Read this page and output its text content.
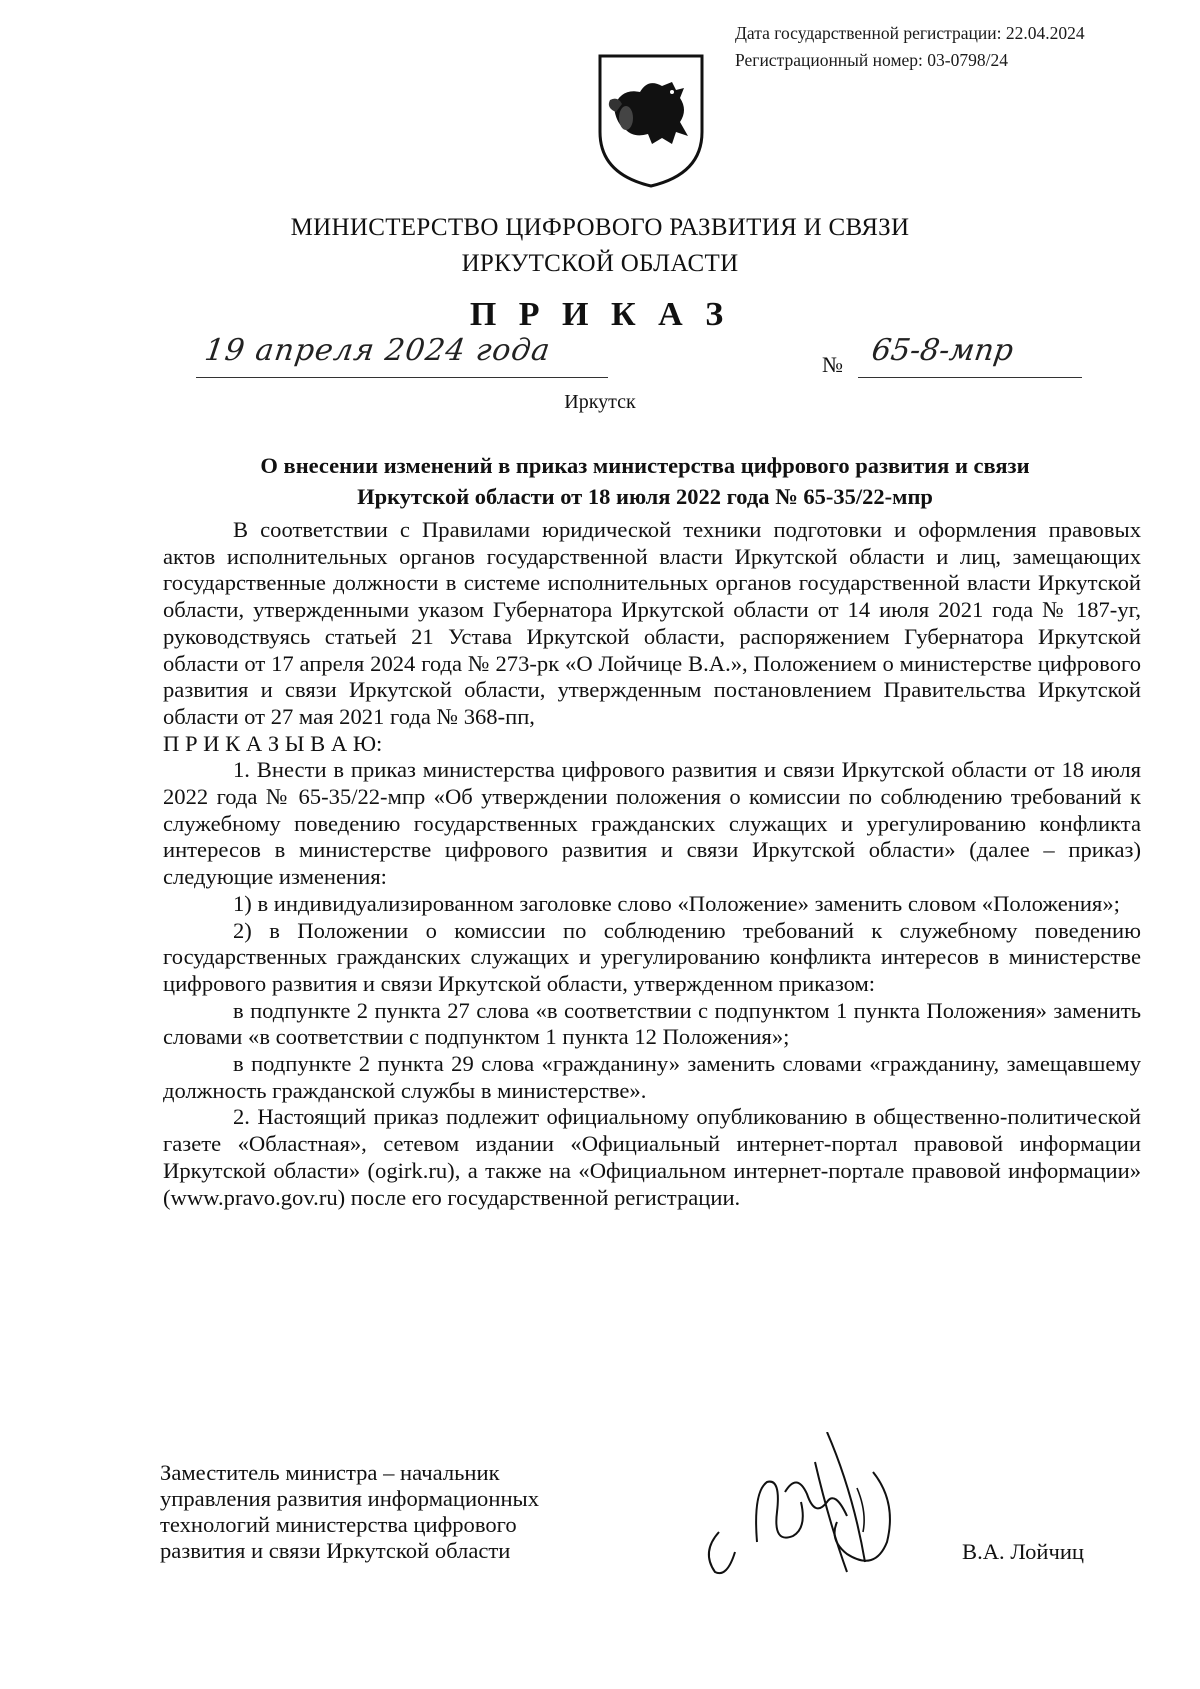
Дата государственной регистрации: 22.04.2024
Регистрационный номер: 03-0798/24
МИНИСТЕРСТВО ЦИФРОВОГО РАЗВИТИЯ И СВЯЗИ
ИРКУТСКОЙ ОБЛАСТИ
П Р И К А З
19 апреля 2024 года	№ 65-8-мпр
Иркутск
О внесении изменений в приказ министерства цифрового развития и связи
Иркутской области от 18 июля 2022 года № 65-35/22-мпр

В соответствии с Правилами юридической техники подготовки и оформления правовых актов исполнительных органов государственной власти Иркутской области и лиц, замещающих государственные должности в системе исполнительных органов государственной власти Иркутской области, утвержденными указом Губернатора Иркутской области от 14 июля 2021 года № 187-уг, руководствуясь статьей 21 Устава Иркутской области, распоряжением Губернатора Иркутской области от 17 апреля 2024 года № 273-рк «О Лойчице В.А.», Положением о министерстве цифрового развития и связи Иркутской области, утвержденным постановлением Правительства Иркутской области от 27 мая 2021 года № 368-пп,

П Р И К А З Ы В А Ю:

1. Внести в приказ министерства цифрового развития и связи Иркутской области от 18 июля 2022 года № 65-35/22-мпр «Об утверждении положения о комиссии по соблюдению требований к служебному поведению государственных гражданских служащих и урегулированию конфликта интересов в министерстве цифрового развития и связи Иркутской области» (далее – приказ) следующие изменения:

1) в индивидуализированном заголовке слово «Положение» заменить словом «Положения»;

2) в Положении о комиссии по соблюдению требований к служебному поведению государственных гражданских служащих и урегулированию конфликта интересов в министерстве цифрового развития и связи Иркутской области, утвержденном приказом:

в подпункте 2 пункта 27 слова «в соответствии с подпунктом 1 пункта Положения» заменить словами «в соответствии с подпунктом 1 пункта 12 Положения»;

в подпункте 2 пункта 29 слова «гражданину» заменить словами «гражданину, замещавшему должность гражданской службы в министерстве».

2. Настоящий приказ подлежит официальному опубликованию в общественно-политической газете «Областная», сетевом издании «Официальный интернет-портал правовой информации Иркутской области» (ogirk.ru), а также на «Официальном интернет-портале правовой информации» (www.pravo.gov.ru) после его государственной регистрации.

Заместитель министра – начальник
управления развития информационных
технологий министерства цифрового
развития и связи Иркутской области	В.А. Лойчиц
